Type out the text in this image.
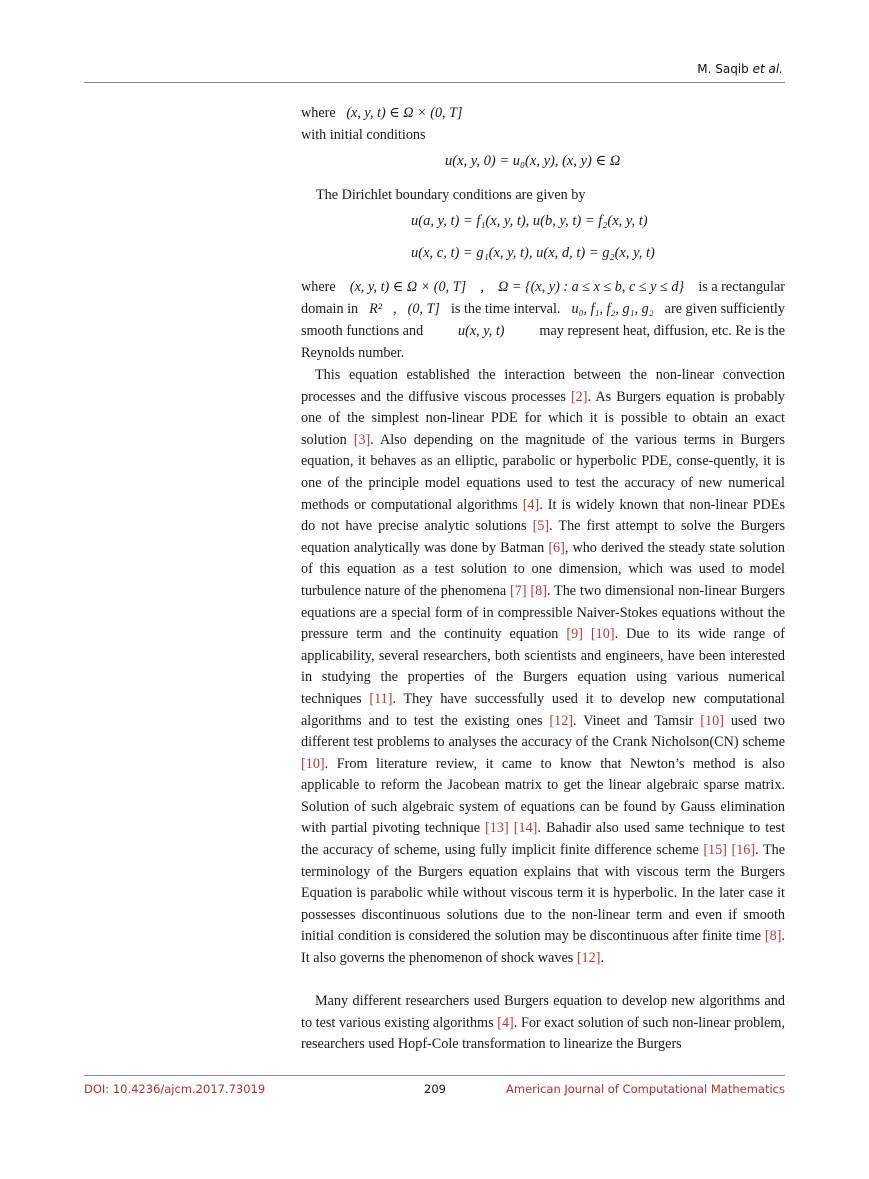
M. Saqib et al.
where (x, y, t) ∈ Ω × (0, T]
with initial conditions
u(x, y, 0) = u₀(x, y), (x, y) ∈ Ω
The Dirichlet boundary conditions are given by
u(a, y, t) = f₁(x, y, t), u(b, y, t) = f₂(x, y, t)
u(x, c, t) = g₁(x, y, t), u(x, d, t) = g₂(x, y, t)
where (x, y, t) ∈ Ω × (0, T] , Ω = {(x, y) : a ≤ x ≤ b, c ≤ y ≤ d} is a rectangular
domain in R² , (0, T] is the time interval. u₀, f₁, f₂, g₁, g₂ are given sufficiently
smooth functions and u(x, y, t) may represent heat, diffusion, etc. Re is the
Reynolds number.

This equation established the interaction between the non-linear convection processes and the diffusive viscous processes [2]. As Burgers equation is probably one of the simplest non-linear PDE for which it is possible to obtain an exact solution [3]. Also depending on the magnitude of the various terms in Burgers equation, it behaves as an elliptic, parabolic or hyperbolic PDE, conse-quently, it is one of the principle model equations used to test the accuracy of new numerical methods or computational algorithms [4]. It is widely known that non-linear PDEs do not have precise analytic solutions [5]. The first attempt to solve the Burgers equation analytically was done by Batman [6], who derived the steady state solution of this equation as a test solution to one dimension, which was used to model turbulence nature of the phenomena [7] [8]. The two dimensional non-linear Burgers equations are a special form of in compressible Naiver-Stokes equations without the pressure term and the continuity equation [9] [10]. Due to its wide range of applicability, several researchers, both scientists and engineers, have been interested in studying the properties of the Burgers equation using various numerical techniques [11]. They have successfully used it to develop new computational algorithms and to test the existing ones [12]. Vineet and Tamsir [10] used two different test problems to analyses the accuracy of the Crank Nicholson(CN) scheme [10]. From literature review, it came to know that Newton’s method is also applicable to reform the Jacobean matrix to get the linear algebraic sparse matrix. Solution of such algebraic system of equations can be found by Gauss elimination with partial pivoting technique [13] [14]. Bahadir also used same technique to test the accuracy of scheme, using fully implicit finite difference scheme [15] [16]. The terminology of the Burgers equation explains that with viscous term the Burgers Equation is parabolic while without viscous term it is hyperbolic. In the later case it possesses discontinuous solutions due to the non-linear term and even if smooth initial condition is considered the solution may be discontinuous after finite time [8]. It also governs the phenomenon of shock waves [12].

Many different researchers used Burgers equation to develop new algorithms and to test various existing algorithms [4]. For exact solution of such non-linear problem, researchers used Hopf-Cole transformation to linearize the Burgers

DOI: 10.4236/ajcm.2017.73019	209	American Journal of Computational Mathematics
